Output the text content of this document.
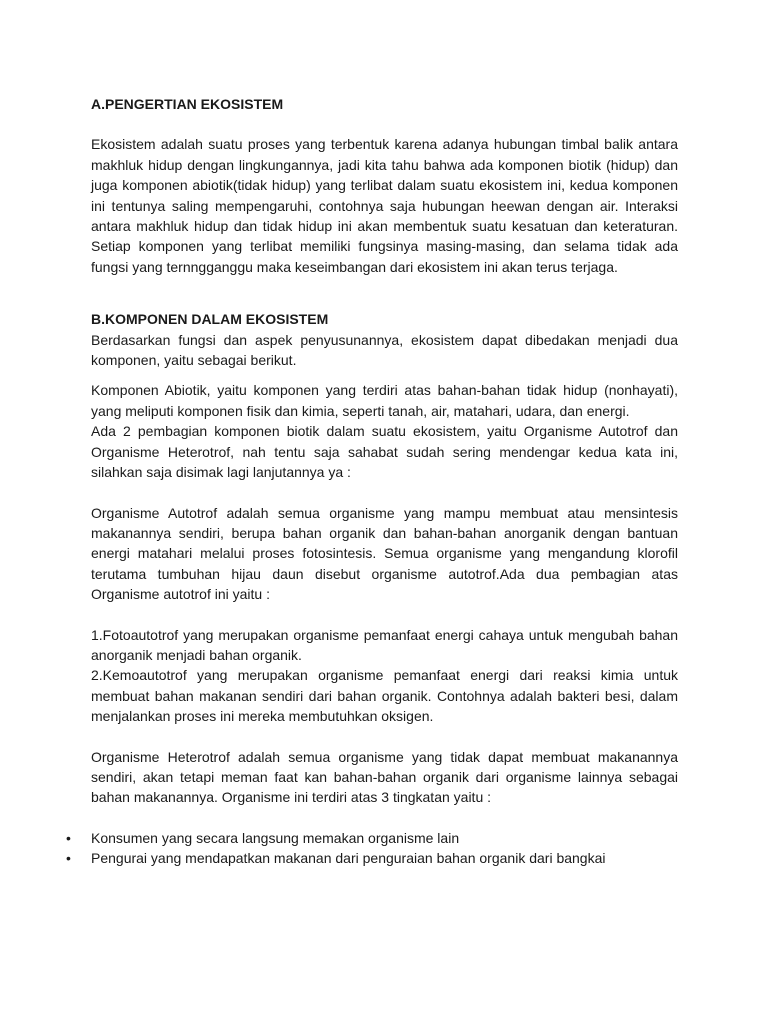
A.PENGERTIAN EKOSISTEM

Ekosistem adalah suatu proses yang terbentuk karena adanya hubungan timbal balik antara makhluk hidup dengan lingkungannya, jadi kita tahu bahwa ada komponen biotik (hidup) dan juga komponen abiotik(tidak hidup) yang terlibat dalam suatu ekosistem ini, kedua komponen ini tentunya saling mempengaruhi, contohnya saja hubungan heewan dengan air. Interaksi antara makhluk hidup dan tidak hidup ini akan membentuk suatu kesatuan dan keteraturan. Setiap komponen yang terlibat memiliki fungsinya masing-masing, dan selama tidak ada fungsi yang ternngganggu maka keseimbangan dari ekosistem ini akan terus terjaga.

B.KOMPONEN DALAM EKOSISTEM

Berdasarkan fungsi dan aspek penyusunannya, ekosistem dapat dibedakan menjadi dua komponen, yaitu sebagai berikut.

Komponen Abiotik, yaitu komponen yang terdiri atas bahan-bahan tidak hidup (nonhayati), yang meliputi komponen fisik dan kimia, seperti tanah, air, matahari, udara, dan energi.

Ada 2 pembagian komponen biotik dalam suatu ekosistem, yaitu Organisme Autotrof dan Organisme Heterotrof, nah tentu saja sahabat sudah sering mendengar kedua kata ini, silahkan saja disimak lagi lanjutannya ya :

Organisme Autotrof adalah semua organisme yang mampu membuat atau mensintesis makanannya sendiri, berupa bahan organik dan bahan-bahan anorganik dengan bantuan energi matahari melalui proses fotosintesis. Semua organisme yang mengandung klorofil terutama tumbuhan hijau daun disebut organisme autotrof.Ada dua pembagian atas Organisme autotrof ini yaitu :

1.Fotoautotrof yang merupakan organisme pemanfaat energi cahaya untuk mengubah bahan anorganik menjadi bahan organik.

2.Kemoautotrof yang merupakan organisme pemanfaat energi dari reaksi kimia untuk membuat bahan makanan sendiri dari bahan organik. Contohnya adalah bakteri besi, dalam menjalankan proses ini mereka membutuhkan oksigen.

Organisme Heterotrof adalah semua organisme yang tidak dapat membuat makanannya sendiri, akan tetapi meman faat kan bahan-bahan organik dari organisme lainnya sebagai bahan makanannya. Organisme ini terdiri atas 3 tingkatan yaitu :

• Konsumen yang secara langsung memakan organisme lain
• Pengurai yang mendapatkan makanan dari penguraian bahan organik dari bangkai
